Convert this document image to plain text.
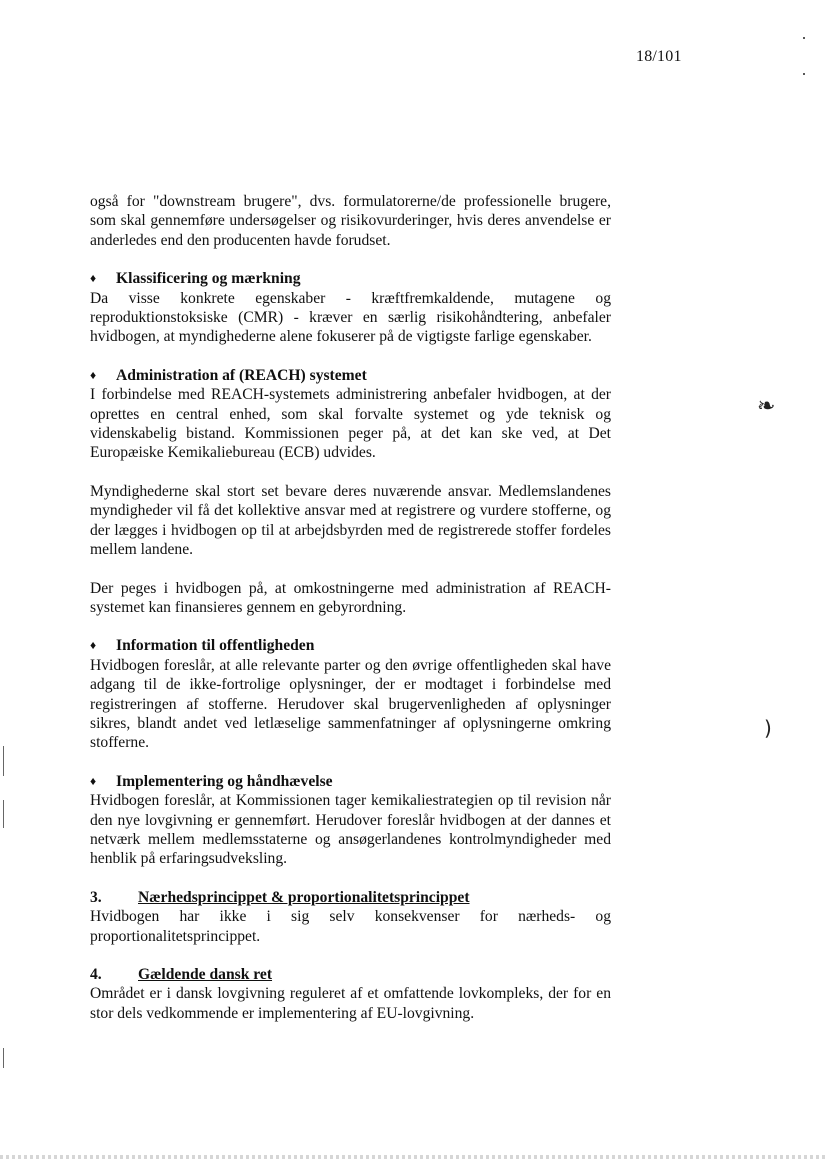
18/101

også for "downstream brugere", dvs. formulatorerne/de professionelle brugere, som skal gennemføre undersøgelser og risikovurderinger, hvis deres anvendelse er anderledes end den producenten havde forudset.

♦ Klassificering og mærkning

Da visse konkrete egenskaber - kræftfremkaldende, mutagene og reproduktionstoksiske (CMR) - kræver en særlig risikohåndtering, anbefaler hvidbogen, at myndighederne alene fokuserer på de vigtigste farlige egenskaber.

♦ Administration af (REACH) systemet

I forbindelse med REACH-systemets administrering anbefaler hvidbogen, at der oprettes en central enhed, som skal forvalte systemet og yde teknisk og videnskabelig bistand. Kommissionen peger på, at det kan ske ved, at Det Europæiske Kemikaliebureau (ECB) udvides.

Myndighederne skal stort set bevare deres nuværende ansvar. Medlemslandenes myndigheder vil få det kollektive ansvar med at registrere og vurdere stofferne, og der lægges i hvidbogen op til at arbejdsbyrden med de registrerede stoffer fordeles mellem landene.

Der peges i hvidbogen på, at omkostningerne med administration af REACH-systemet kan finansieres gennem en gebyrordning.

♦ Information til offentligheden

Hvidbogen foreslår, at alle relevante parter og den øvrige offentligheden skal have adgang til de ikke-fortrolige oplysninger, der er modtaget i forbindelse med registreringen af stofferne. Herudover skal brugervenligheden af oplysninger sikres, blandt andet ved letlæselige sammenfatninger af oplysningerne omkring stofferne.

♦ Implementering og håndhævelse

Hvidbogen foreslår, at Kommissionen tager kemikaliestrategien op til revision når den nye lovgivning er gennemført. Herudover foreslår hvidbogen at der dannes et netværk mellem medlemsstaterne og ansøgerlandenes kontrolmyndigheder med henblik på erfaringsudveksling.

3. Nærhedsprincippet & proportionalitetsprincippet

Hvidbogen har ikke i sig selv konsekvenser for nærheds- og proportionalitetsprincippet.

4. Gældende dansk ret

Området er i dansk lovgivning reguleret af et omfattende lovkompleks, der for en stor dels vedkommende er implementering af EU-lovgivning.

❧
)
